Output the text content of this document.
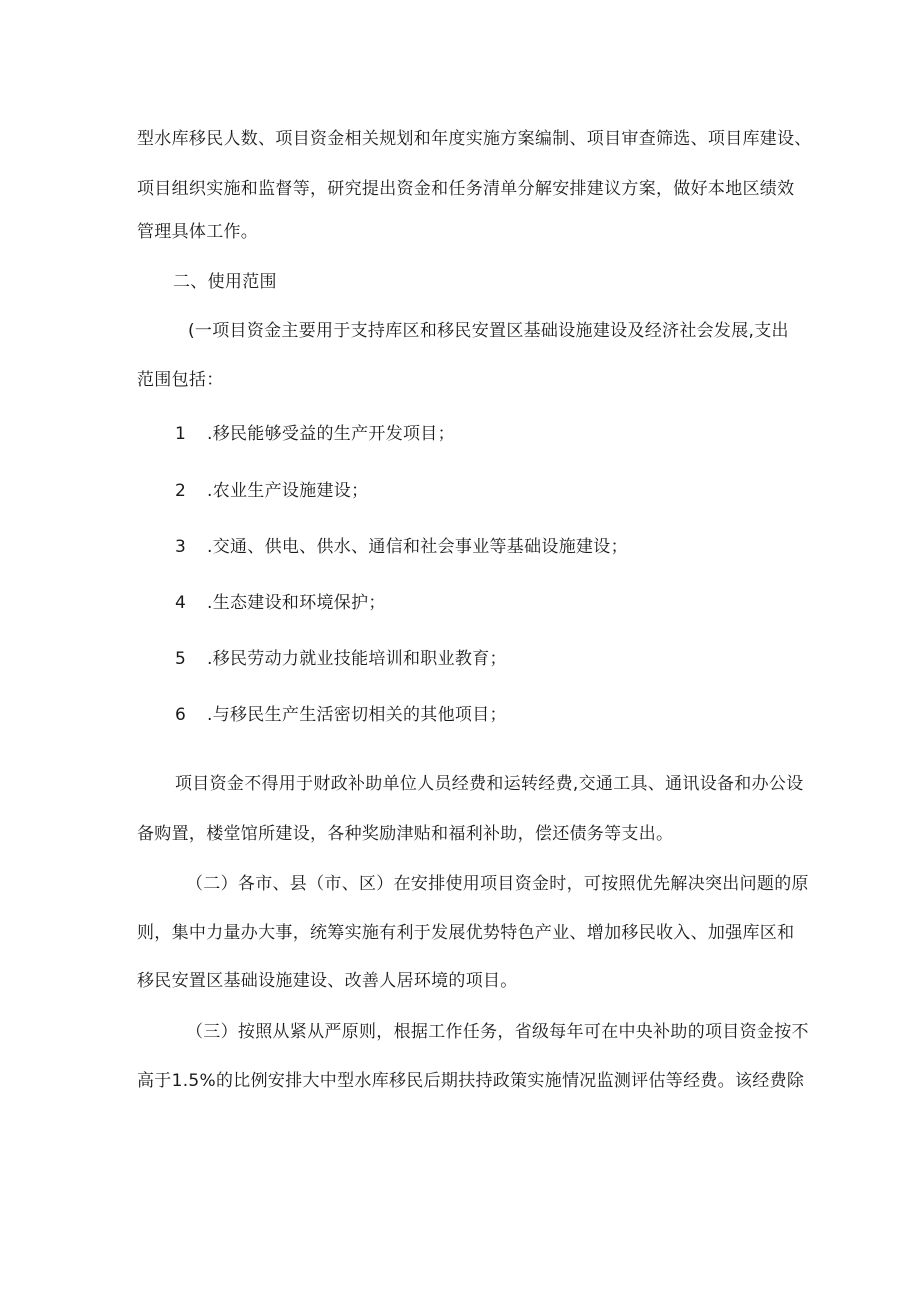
型水库移民人数、项目资金相关规划和年度实施方案编制、项目审查筛选、项目库建设、

项目组织实施和监督等，研究提出资金和任务清单分解安排建议方案，做好本地区绩效

管理具体工作。

二、使用范围

(一项目资金主要用于支持库区和移民安置区基础设施建设及经济社会发展,支出

范围包括：

1 .移民能够受益的生产开发项目；

2 .农业生产设施建设；

3 .交通、供电、供水、通信和社会事业等基础设施建设；

4 .生态建设和环境保护；

5 .移民劳动力就业技能培训和职业教育；

6 .与移民生产生活密切相关的其他项目；

项目资金不得用于财政补助单位人员经费和运转经费,交通工具、通讯设备和办公设

备购置，楼堂馆所建设，各种奖励津贴和福利补助，偿还债务等支出。

（二）各市、县（市、区）在安排使用项目资金时，可按照优先解决突出问题的原

则，集中力量办大事，统筹实施有利于发展优势特色产业、增加移民收入、加强库区和

移民安置区基础设施建设、改善人居环境的项目。

（三）按照从紧从严原则，根据工作任务，省级每年可在中央补助的项目资金按不

高于1.5%的比例安排大中型水库移民后期扶持政策实施情况监测评估等经费。该经费除
